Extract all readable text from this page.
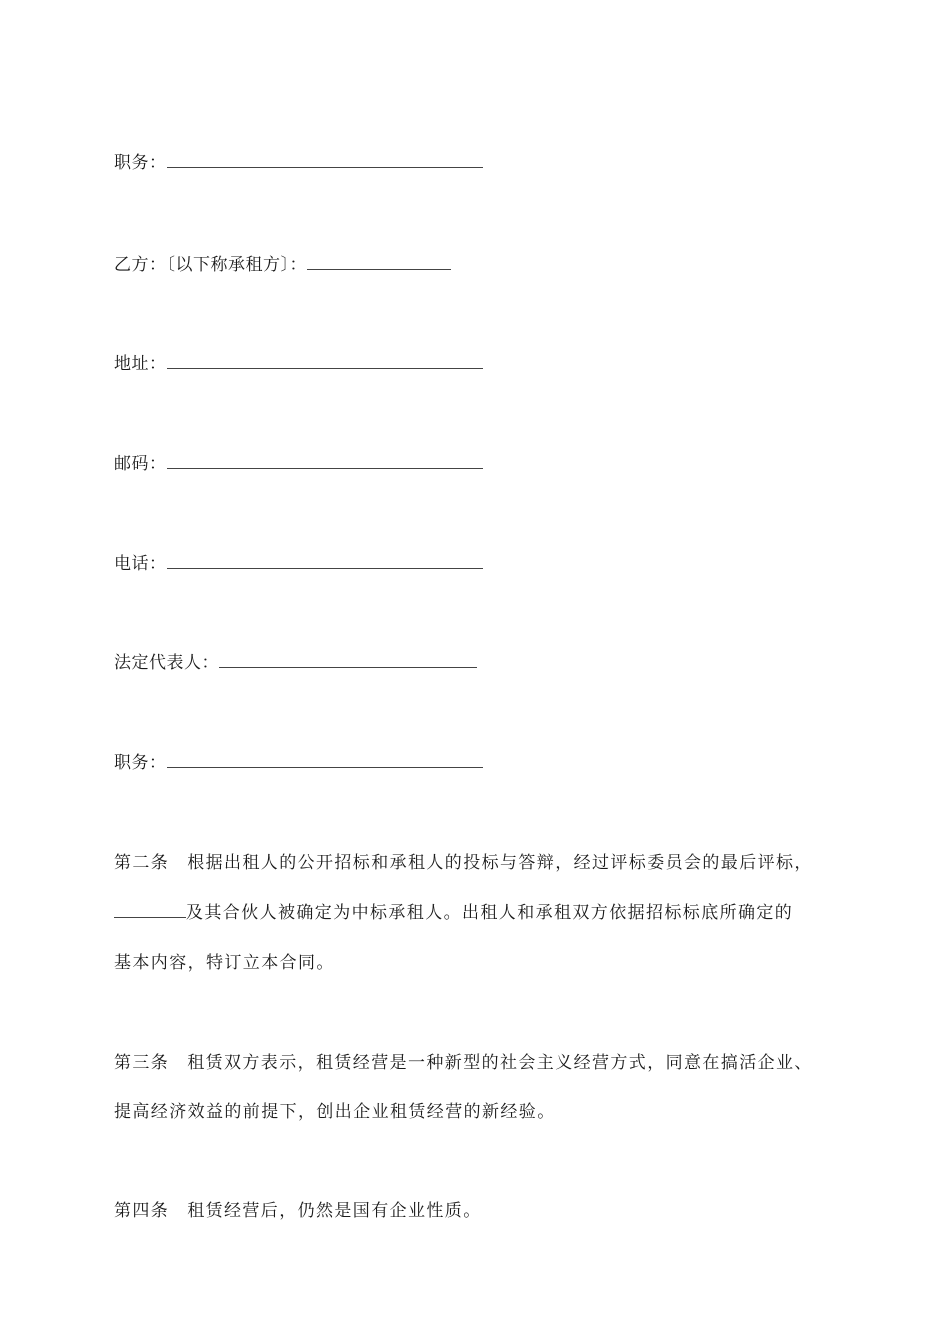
职务：
乙方：〔以下称承租方〕：
地址：
邮码：
电话：
法定代表人：
职务：
第二条 根据出租人的公开招标和承租人的投标与答辩，经过评标委员会的最后评标，
及其合伙人被确定为中标承租人。出租人和承租双方依据招标标底所确定的
基本内容，特订立本合同。
第三条 租赁双方表示，租赁经营是一种新型的社会主义经营方式，同意在搞活企业、
提高经济效益的前提下，创出企业租赁经营的新经验。
第四条 租赁经营后，仍然是国有企业性质。
